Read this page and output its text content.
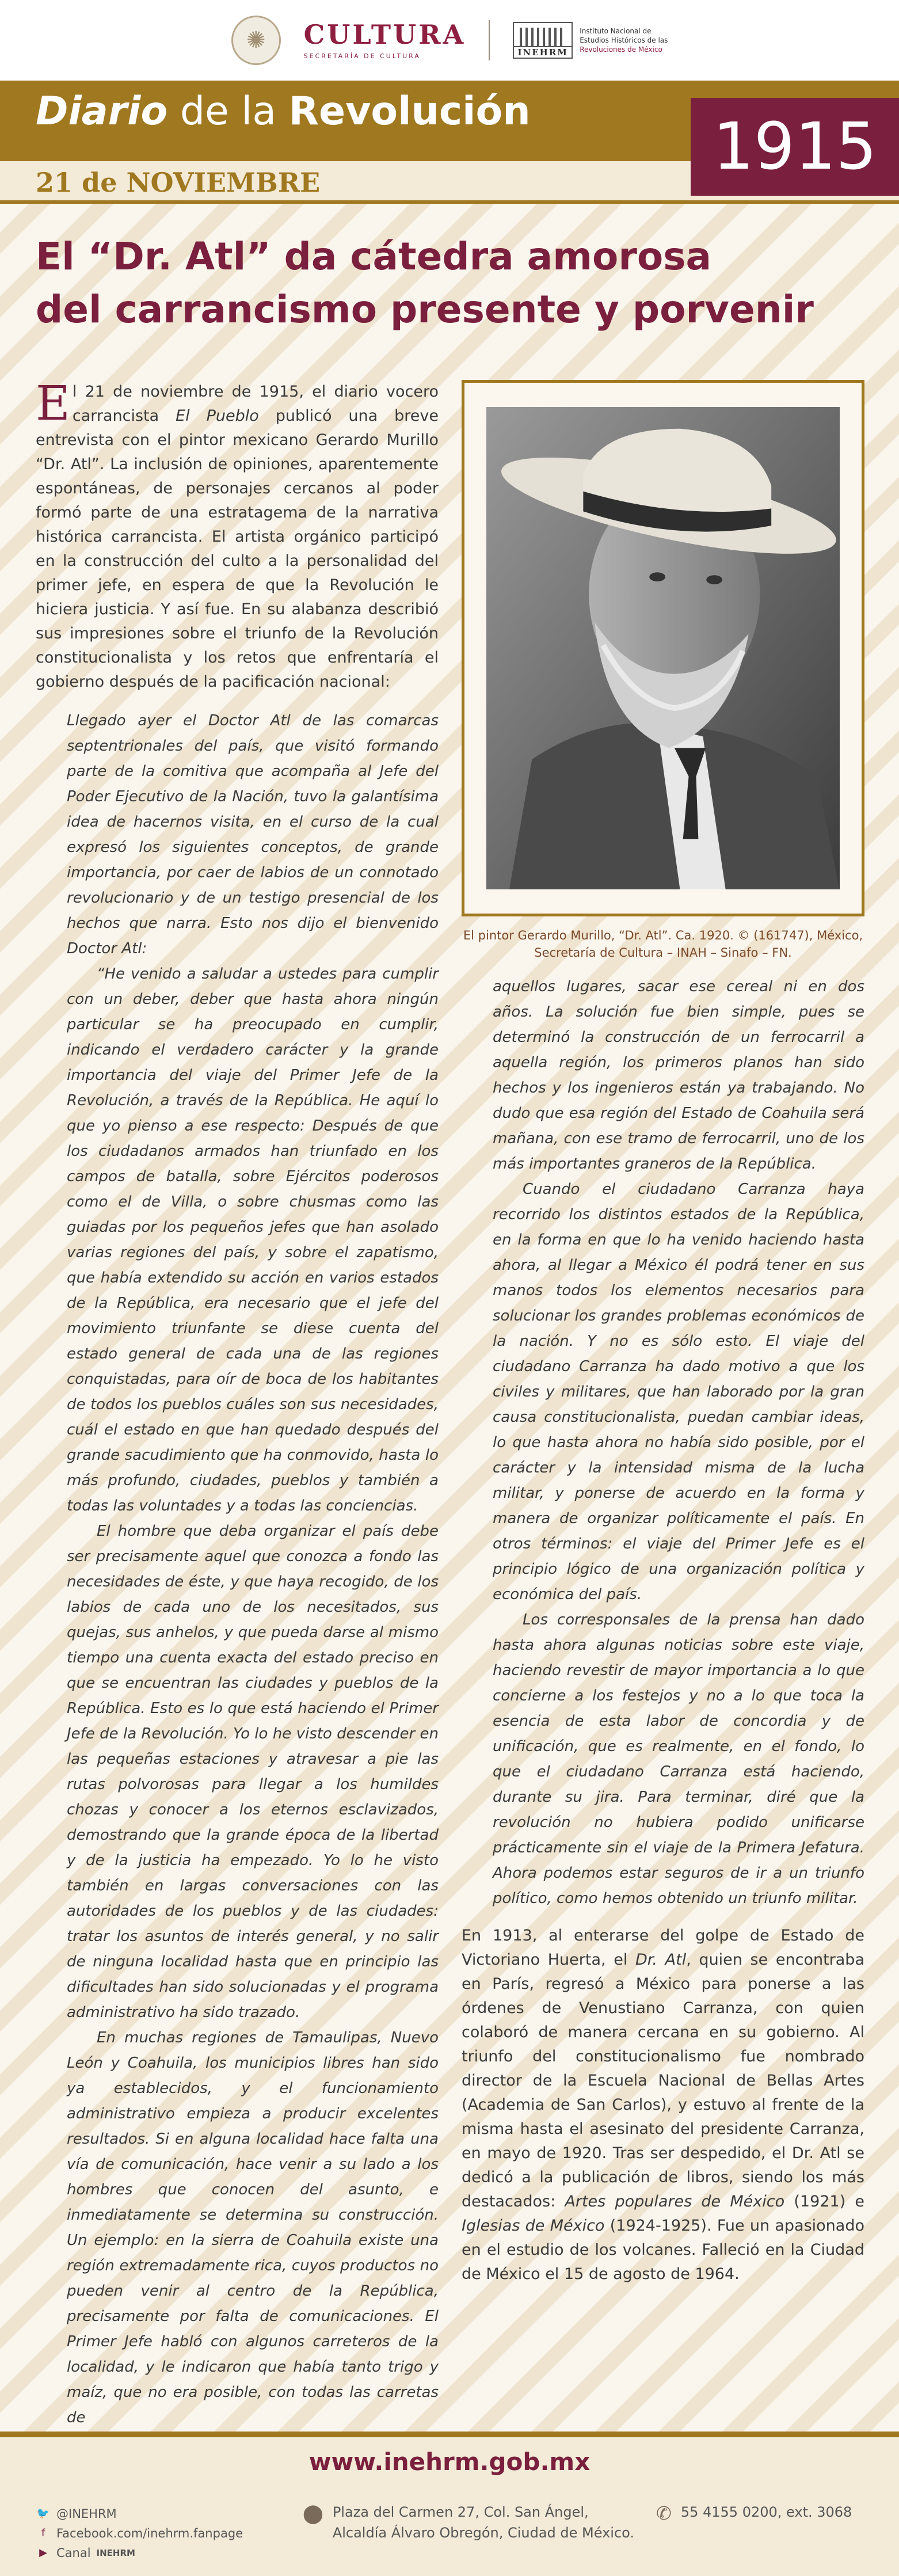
✺	CULTURA
SECRETARÍA DE CULTURA	INEHRM
Instituto Nacional de
Estudios Históricos de las
Revoluciones de México
Diario de la Revolución
21 de NOVIEMBRE	1915
El “Dr. Atl” da cátedra amorosa
del carrancismo presente y porvenir

El 21 de noviembre de 1915, el diario vocero carrancista El Pueblo publicó una breve entrevista con el pintor mexicano Gerardo Murillo “Dr. Atl”. La inclusión de opiniones, aparentemente espontáneas, de personajes cercanos al poder formó parte de una estratagema de la narrativa histórica carrancista. El artista orgánico participó en la construcción del culto a la personalidad del primer jefe, en espera de que la Revolución le hiciera justicia. Y así fue. En su alabanza describió sus impresiones sobre el triunfo de la Revolución constitucionalista y los retos que enfrentaría el gobierno después de la pacificación nacional:

Llegado ayer el Doctor Atl de las comarcas septentrionales del país, que visitó formando parte de la comitiva que acompaña al Jefe del Poder Ejecutivo de la Nación, tuvo la galantísima idea de hacernos visita, en el curso de la cual expresó los siguientes conceptos, de grande importancia, por caer de labios de un connotado revolucionario y de un testigo presencial de los hechos que narra. Esto nos dijo el bienvenido Doctor Atl:

“He venido a saludar a ustedes para cumplir con un deber, deber que hasta ahora ningún particular se ha preocupado en cumplir, indicando el verdadero carácter y la grande importancia del viaje del Primer Jefe de la Revolución, a través de la República. He aquí lo que yo pienso a ese respecto: Después de que los ciudadanos armados han triunfado en los campos de batalla, sobre Ejércitos poderosos como el de Villa, o sobre chusmas como las guiadas por los pequeños jefes que han asolado varias regiones del país, y sobre el zapatismo, que había extendido su acción en varios estados de la República, era necesario que el jefe del movimiento triunfante se diese cuenta del estado general de cada una de las regiones conquistadas, para oír de boca de los habitantes de todos los pueblos cuáles son sus necesidades, cuál el estado en que han quedado después del grande sacudimiento que ha conmovido, hasta lo más profundo, ciudades, pueblos y también a todas las voluntades y a todas las conciencias.

El hombre que deba organizar el país debe ser precisamente aquel que conozca a fondo las necesidades de éste, y que haya recogido, de los labios de cada uno de los necesitados, sus quejas, sus anhelos, y que pueda darse al mismo tiempo una cuenta exacta del estado preciso en que se encuentran las ciudades y pueblos de la República. Esto es lo que está haciendo el Primer Jefe de la Revolución. Yo lo he visto descender en las pequeñas estaciones y atravesar a pie las rutas polvorosas para llegar a los humildes chozas y conocer a los eternos esclavizados, demostrando que la grande época de la libertad y de la justicia ha empezado. Yo lo he visto también en largas conversaciones con las autoridades de los pueblos y de las ciudades: tratar los asuntos de interés general, y no salir de ninguna localidad hasta que en principio las dificultades han sido solucionadas y el programa administrativo ha sido trazado.

En muchas regiones de Tamaulipas, Nuevo León y Coahuila, los municipios libres han sido ya establecidos, y el funcionamiento administrativo empieza a producir excelentes resultados. Si en alguna localidad hace falta una vía de comunicación, hace venir a su lado a los hombres que conocen del asunto, e inmediatamente se determina su construcción. Un ejemplo: en la sierra de Coahuila existe una región extremadamente rica, cuyos productos no pueden venir al centro de la República, precisamente por falta de comunicaciones. El Primer Jefe habló con algunos carreteros de la localidad, y le indicaron que había tanto trigo y maíz, que no era posible, con todas las carretas de

El pintor Gerardo Murillo, “Dr. Atl”. Ca. 1920. © (161747), México,
Secretaría de Cultura – INAH – Sinafo – FN.

aquellos lugares, sacar ese cereal ni en dos años. La solución fue bien simple, pues se determinó la construcción de un ferrocarril a aquella región, los primeros planos han sido hechos y los ingenieros están ya trabajando. No dudo que esa región del Estado de Coahuila será mañana, con ese tramo de ferrocarril, uno de los más importantes graneros de la República.

Cuando el ciudadano Carranza haya recorrido los distintos estados de la República, en la forma en que lo ha venido haciendo hasta ahora, al llegar a México él podrá tener en sus manos todos los elementos necesarios para solucionar los grandes problemas económicos de la nación. Y no es sólo esto. El viaje del ciudadano Carranza ha dado motivo a que los civiles y militares, que han laborado por la gran causa constitucionalista, puedan cambiar ideas, lo que hasta ahora no había sido posible, por el carácter y la intensidad misma de la lucha militar, y ponerse de acuerdo en la forma y manera de organizar políticamente el país. En otros términos: el viaje del Primer Jefe es el principio lógico de una organización política y económica del país.

Los corresponsales de la prensa han dado hasta ahora algunas noticias sobre este viaje, haciendo revestir de mayor importancia a lo que concierne a los festejos y no a lo que toca la esencia de esta labor de concordia y de unificación, que es realmente, en el fondo, lo que el ciudadano Carranza está haciendo, durante su jira. Para terminar, diré que la revolución no hubiera podido unificarse prácticamente sin el viaje de la Primera Jefatura. Ahora podemos estar seguros de ir a un triunfo político, como hemos obtenido un triunfo militar.

En 1913, al enterarse del golpe de Estado de Victoriano Huerta, el Dr. Atl, quien se encontraba en París, regresó a México para ponerse a las órdenes de Venustiano Carranza, con quien colaboró de manera cercana en su gobierno. Al triunfo del constitucionalismo fue nombrado director de la Escuela Nacional de Bellas Artes (Academia de San Carlos), y estuvo al frente de la misma hasta el asesinato del presidente Carranza, en mayo de 1920. Tras ser despedido, el Dr. Atl se dedicó a la publicación de libros, siendo los más destacados: Artes populares de México (1921) e Iglesias de México (1924-1925). Fue un apasionado en el estudio de los volcanes. Falleció en la Ciudad de México el 15 de agosto de 1964.

www.inehrm.gob.mx
🐦 @INEHRM
f Facebook.com/inehrm.fanpage
▶ Canal INEHRM
⬤ Plaza del Carmen 27, Col. San Ángel,
Alcaldía Álvaro Obregón, Ciudad de México.
✆ 55 4155 0200, ext. 3068
